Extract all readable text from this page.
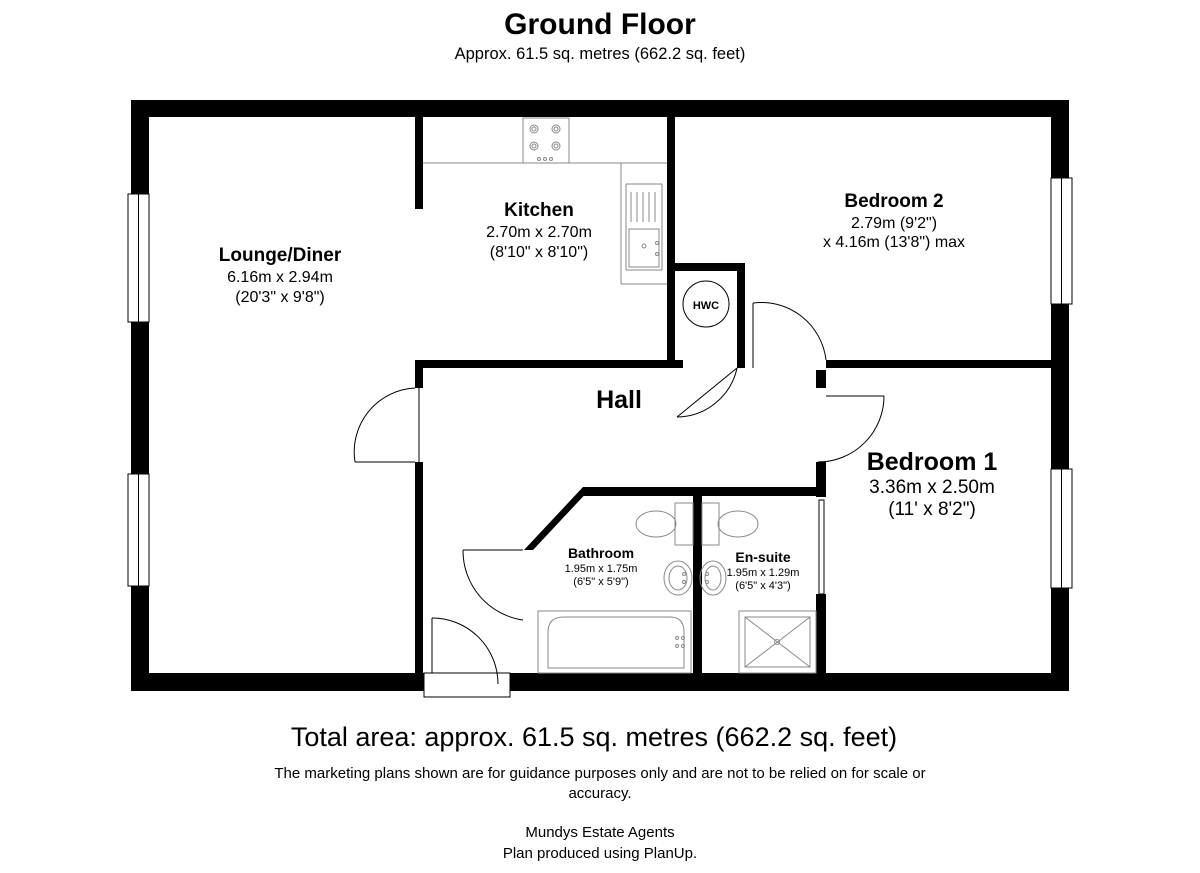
Ground Floor
Approx. 61.5 sq. metres (662.2 sq. feet)
HWC
Lounge/Diner
6.16m x 2.94m
(20'3" x 9'8")
Kitchen
2.70m x 2.70m
(8'10" x 8'10")
Bedroom 2
2.79m (9'2")
x 4.16m (13'8") max
Hall
Bedroom 1
3.36m x 2.50m
(11' x 8'2")
Bathroom
1.95m x 1.75m
(6'5" x 5'9")
En-suite
1.95m x 1.29m
(6'5" x 4'3")
Total area: approx. 61.5 sq. metres (662.2 sq. feet)
The marketing plans shown are for guidance purposes only and are not to be relied on for scale or
accuracy.
Mundys Estate Agents
Plan produced using PlanUp.
